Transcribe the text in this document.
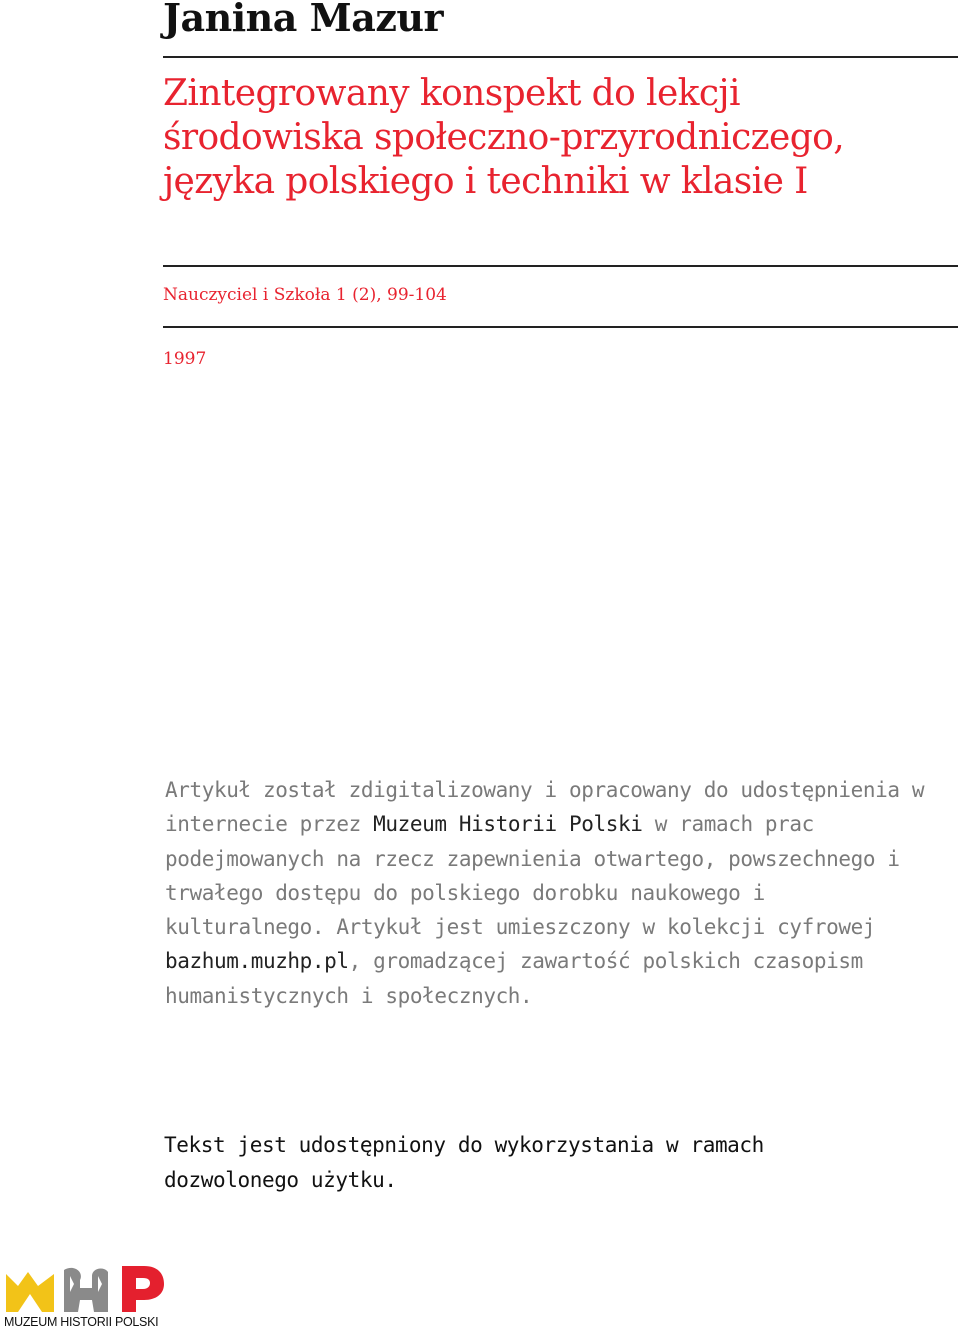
Janina Mazur
Zintegrowany konspekt do lekcji środowiska społeczno-przyrodniczego, języka polskiego i techniki w klasie I
Nauczyciel i Szkoła 1 (2), 99-104
1997

Artykuł został zdigitalizowany i opracowany do udostępnienia w internecie przez Muzeum Historii Polski w ramach prac podejmowanych na rzecz zapewnienia otwartego, powszechnego i trwałego dostępu do polskiego dorobku naukowego i kulturalnego. Artykuł jest umieszczony w kolekcji cyfrowej bazhum.muzhp.pl, gromadzącej zawartość polskich czasopism humanistycznych i społecznych.

Tekst jest udostępniony do wykorzystania w ramach dozwolonego użytku.

MUZEUM HISTORII POLSKI
